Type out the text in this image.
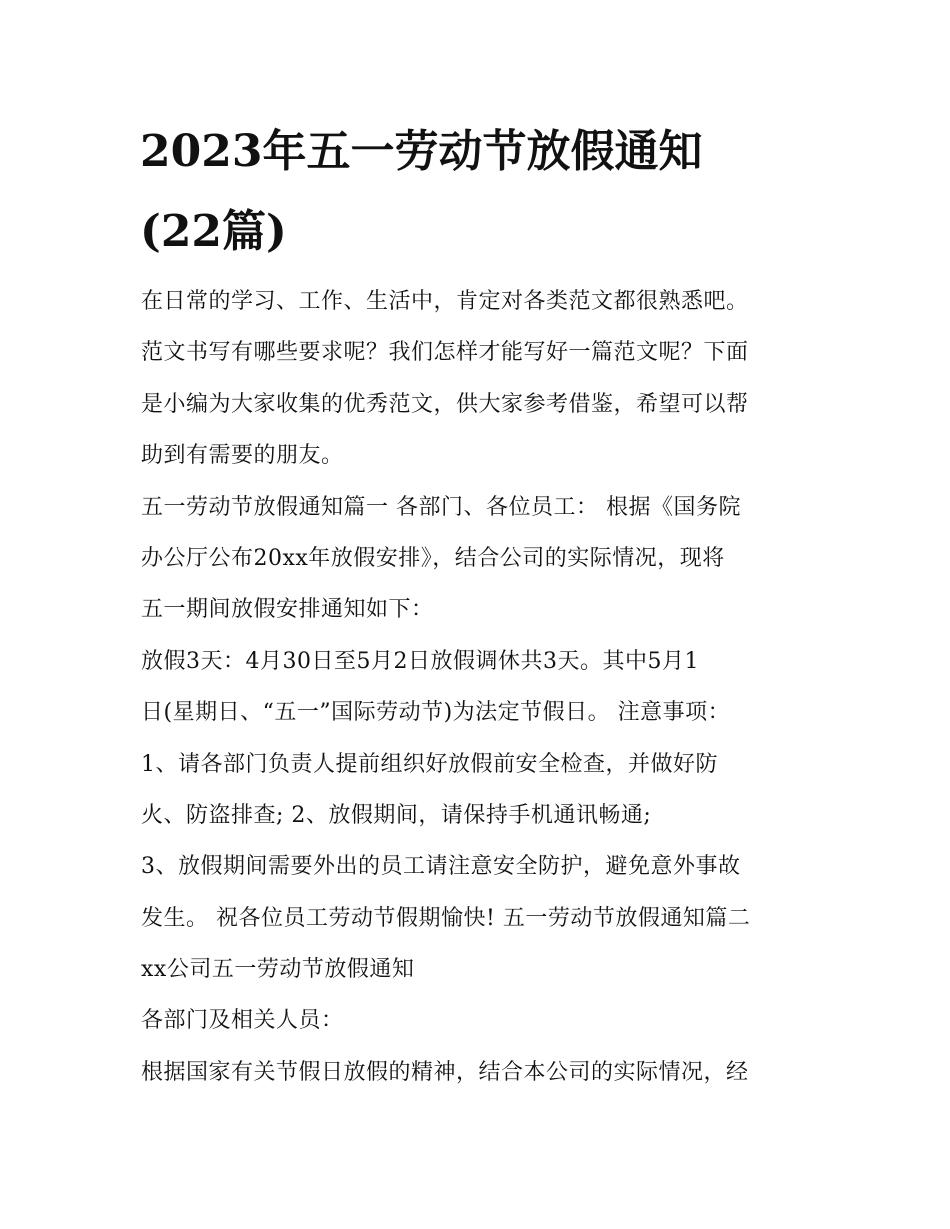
2023年五一劳动节放假通知
(22篇)
在日常的学习、工作、生活中，肯定对各类范文都很熟悉吧。
范文书写有哪些要求呢？我们怎样才能写好一篇范文呢？下面
是小编为大家收集的优秀范文，供大家参考借鉴，希望可以帮
助到有需要的朋友。
五一劳动节放假通知篇一 各部门、各位员工： 根据《国务院
办公厅公布20xx年放假安排》，结合公司的实际情况，现将
五一期间放假安排通知如下：
放假3天：4月30日至5月2日放假调休共3天。其中5月1
日(星期日、“五一”国际劳动节)为法定节假日。 注意事项：
1、请各部门负责人提前组织好放假前安全检查，并做好防
火、防盗排查; 2、放假期间，请保持手机通讯畅通;
3、放假期间需要外出的员工请注意安全防护，避免意外事故
发生。 祝各位员工劳动节假期愉快! 五一劳动节放假通知篇二
xx公司五一劳动节放假通知
各部门及相关人员：
根据国家有关节假日放假的精神，结合本公司的实际情况，经
